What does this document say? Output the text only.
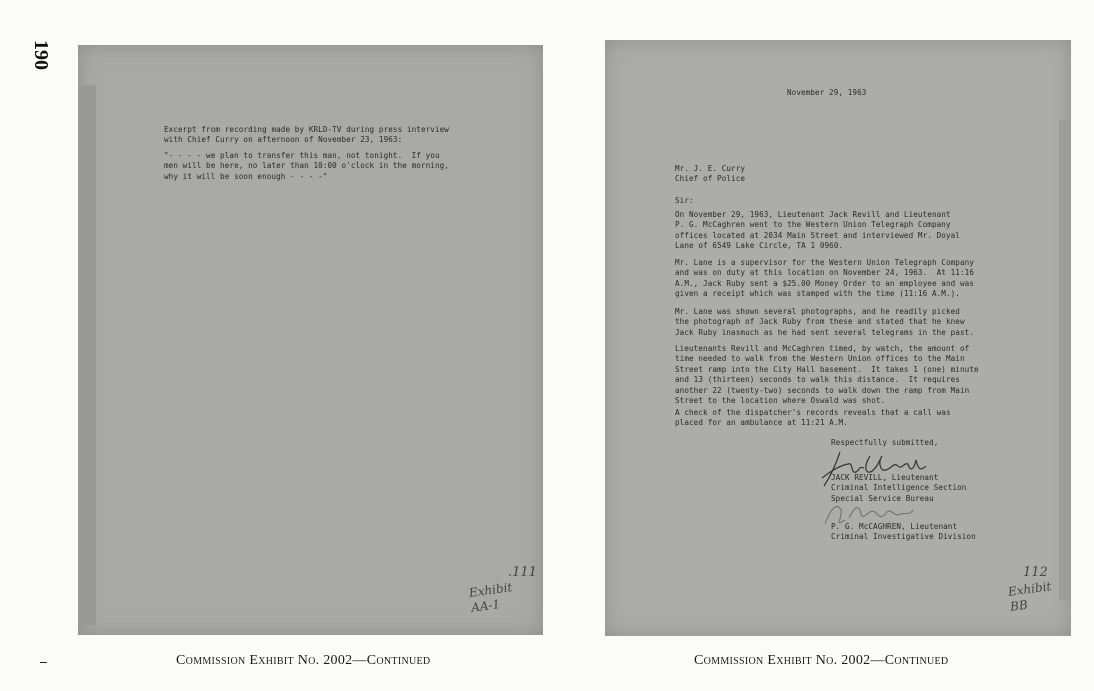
190
Excerpt from recording made by KRLD-TV during press interview
with Chief Curry on afternoon of November 23, 1963:
"- - - - we plan to transfer this man, not tonight.  If you
men will be here, no later than 10:00 o'clock in the morning,
why it will be soon enough - - - -"
.111
Exhibit
AA-1
Commission Exhibit No. 2002—Continued
November 29, 1963
Mr. J. E. Curry
Chief of Police
Sir:
On November 29, 1963, Lieutenant Jack Revill and Lieutenant
P. G. McCaghren went to the Western Union Telegraph Company
offices located at 2034 Main Street and interviewed Mr. Doyal
Lane of 6549 Lake Circle, TA 1 0960.
Mr. Lane is a supervisor for the Western Union Telegraph Company
and was on duty at this location on November 24, 1963.  At 11:16
A.M., Jack Ruby sent a $25.00 Money Order to an employee and was
given a receipt which was stamped with the time (11:16 A.M.).
Mr. Lane was shown several photographs, and he readily picked
the photograph of Jack Ruby from these and stated that he knew
Jack Ruby inasmuch as he had sent several telegrams in the past.
Lieutenants Revill and McCaghren timed, by watch, the amount of
time needed to walk from the Western Union offices to the Main
Street ramp into the City Hall basement.  It takes 1 (one) minute
and 13 (thirteen) seconds to walk this distance.  It requires
another 22 (twenty-two) seconds to walk down the ramp from Main
Street to the location where Oswald was shot.
A check of the dispatcher's records reveals that a call was
placed for an ambulance at 11:21 A.M.
Respectfully submitted,
JACK REVILL, Lieutenant
Criminal Intelligence Section
Special Service Bureau
P. G. McCAGHREN, Lieutenant
Criminal Investigative Division
112
Exhibit
BB
Commission Exhibit No. 2002—Continued
